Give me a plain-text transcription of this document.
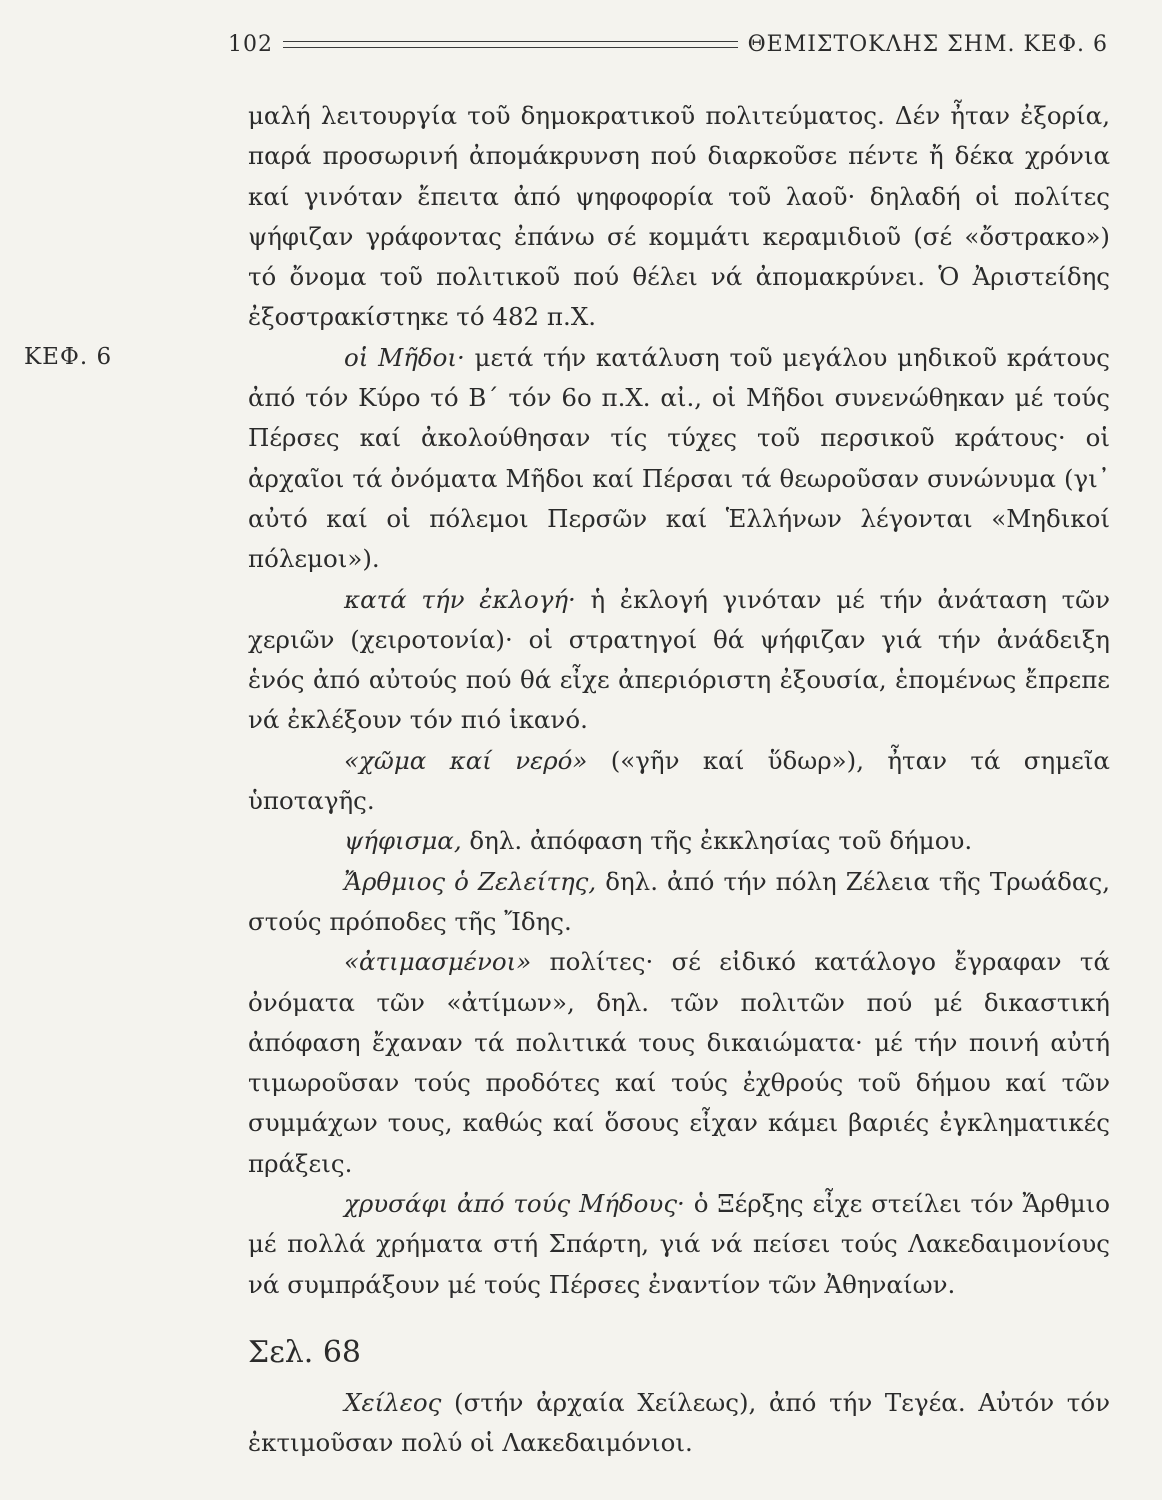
102	ΘΕΜΙΣΤΟΚΛΗΣ ΣΗΜ. ΚΕΦ. 6
ΚΕΦ. 6

μαλή λειτουργία τοῦ δημοκρατικοῦ πολιτεύματος. Δέν ἦταν ἐξορία, παρά προσωρινή ἀπομάκρυνση πού διαρκοῦσε πέντε ἤ δέκα χρόνια καί γινόταν ἔπειτα ἀπό ψηφοφορία τοῦ λαοῦ· δηλαδή οἱ πολίτες ψήφιζαν γράφοντας ἐπάνω σέ κομμάτι κεραμιδιοῦ (σέ «ὄστρακο») τό ὄνομα τοῦ πολιτικοῦ πού θέλει νά ἀπομακρύνει. Ὁ Ἀριστείδης ἐξοστρακίστηκε τό 482 π.Χ.

οἱ Μῆδοι· μετά τήν κατάλυση τοῦ μεγάλου μηδικοῦ κράτους ἀπό τόν Κύρο τό Β΄ τόν 6ο π.Χ. αἰ., οἱ Μῆδοι συνενώθηκαν μέ τούς Πέρσες καί ἀκολούθησαν τίς τύχες τοῦ περσικοῦ κράτους· οἱ ἀρχαῖοι τά ὀνόματα Μῆδοι καί Πέρσαι τά θεωροῦσαν συνώνυμα (γι᾽ αὐτό καί οἱ πόλεμοι Περσῶν καί Ἑλλήνων λέγονται «Μηδικοί πόλεμοι»).

κατά τήν ἐκλογή· ἡ ἐκλογή γινόταν μέ τήν ἀνάταση τῶν χεριῶν (χειροτονία)· οἱ στρατηγοί θά ψήφιζαν γιά τήν ἀνάδειξη ἑνός ἀπό αὐτούς πού θά εἶχε ἀπεριόριστη ἐξουσία, ἑπομένως ἔπρεπε νά ἐκλέξουν τόν πιό ἱκανό.

«χῶμα καί νερό» («γῆν καί ὕδωρ»), ἦταν τά σημεῖα ὑποταγῆς.

ψήφισμα, δηλ. ἀπόφαση τῆς ἐκκλησίας τοῦ δήμου.

Ἄρθμιος ὁ Ζελείτης, δηλ. ἀπό τήν πόλη Ζέλεια τῆς Τρωάδας, στούς πρόποδες τῆς Ἴδης.

«ἀτιμασμένοι» πολίτες· σέ εἰδικό κατάλογο ἔγραφαν τά ὀνόματα τῶν «ἀτίμων», δηλ. τῶν πολιτῶν πού μέ δικαστική ἀπόφαση ἔχαναν τά πολιτικά τους δικαιώματα· μέ τήν ποινή αὐτή τιμωροῦσαν τούς προδότες καί τούς ἐχθρούς τοῦ δήμου καί τῶν συμμάχων τους, καθώς καί ὅσους εἶχαν κάμει βαριές ἐγκληματικές πράξεις.

χρυσάφι ἀπό τούς Μήδους· ὁ Ξέρξης εἶχε στείλει τόν Ἄρθμιο μέ πολλά χρήματα στή Σπάρτη, γιά νά πείσει τούς Λακεδαιμονίους νά συμπράξουν μέ τούς Πέρσες ἐναντίον τῶν Ἀθηναίων.

Σελ. 68

Χείλεος (στήν ἀρχαία Χείλεως), ἀπό τήν Τεγέα. Αὐτόν τόν ἐκτιμοῦσαν πολύ οἱ Λακεδαιμόνιοι.
